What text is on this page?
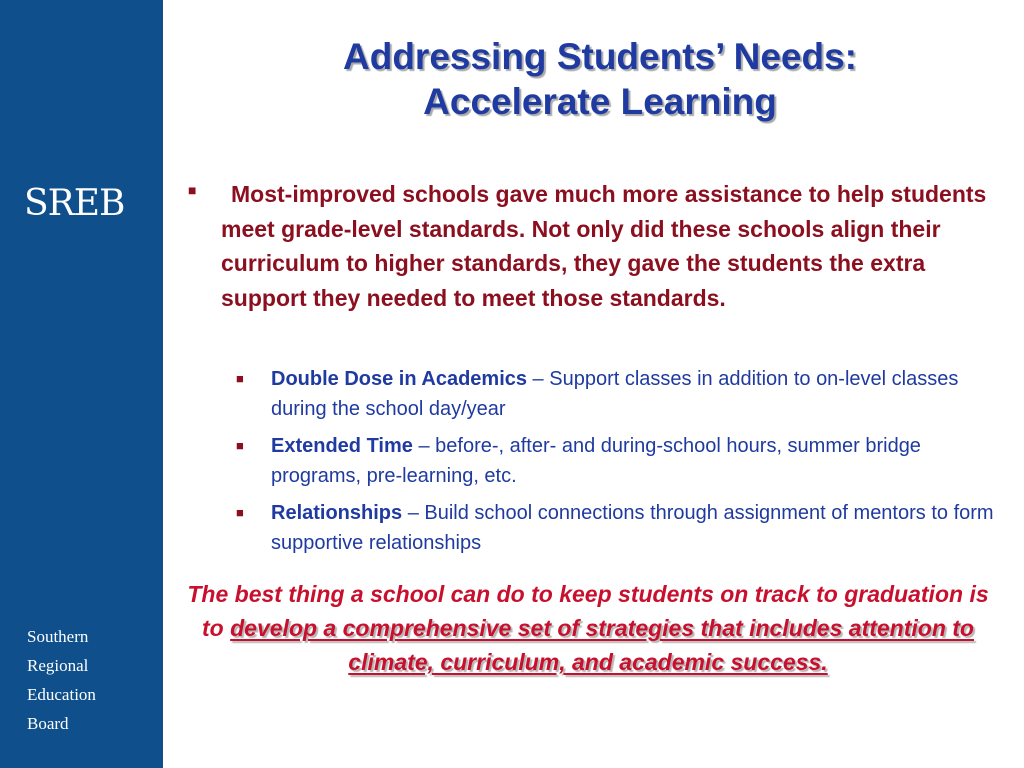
SREB
Southern
Regional
Education
Board
Addressing Students’ Needs:
Accelerate Learning
■	Most-improved schools gave much more assistance to help students meet grade-level standards. Not only did these schools align their curriculum to higher standards, they gave the students the extra support they needed to meet those standards.
■ Double Dose in Academics – Support classes in addition to on-level classes during the school day/year
■ Extended Time – before-, after- and during-school hours, summer bridge programs, pre-learning, etc.
■ Relationships – Build school connections through assignment of mentors to form supportive relationships
The best thing a school can do to keep students on track to graduation is to develop a comprehensive set of strategies that includes attention to climate, curriculum, and academic success.
